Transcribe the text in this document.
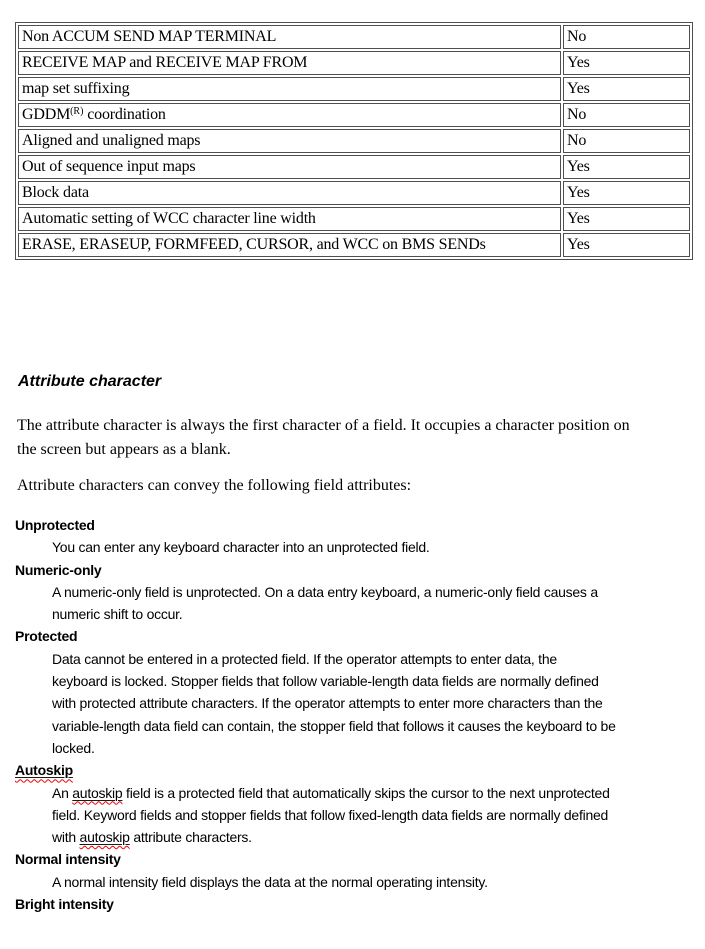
Non ACCUM SEND MAP TERMINAL	No
RECEIVE MAP and RECEIVE MAP FROM	Yes
map set suffixing	Yes
$GDDM^{(R)}$ coordination	No
Aligned and unaligned maps	No
Out of sequence input maps	Yes
Block data	Yes
Automatic setting of WCC character line width	Yes
ERASE, ERASEUP, FORMFEED, CURSOR, and WCC on BMS SENDs	Yes
Attribute character
The attribute character is always the first character of a field. It occupies a character position on
the screen but appears as a blank.
Attribute characters can convey the following field attributes:
Unprotected
You can enter any keyboard character into an unprotected field.
Numeric-only
A numeric-only field is unprotected. On a data entry keyboard, a numeric-only field causes a
numeric shift to occur.
Protected
Data cannot be entered in a protected field. If the operator attempts to enter data, the
keyboard is locked. Stopper fields that follow variable-length data fields are normally defined
with protected attribute characters. If the operator attempts to enter more characters than the
variable-length data field can contain, the stopper field that follows it causes the keyboard to be
locked.
Autoskip
An autoskip field is a protected field that automatically skips the cursor to the next unprotected
field. Keyword fields and stopper fields that follow fixed-length data fields are normally defined
with autoskip attribute characters.
Normal intensity
A normal intensity field displays the data at the normal operating intensity.
Bright intensity
